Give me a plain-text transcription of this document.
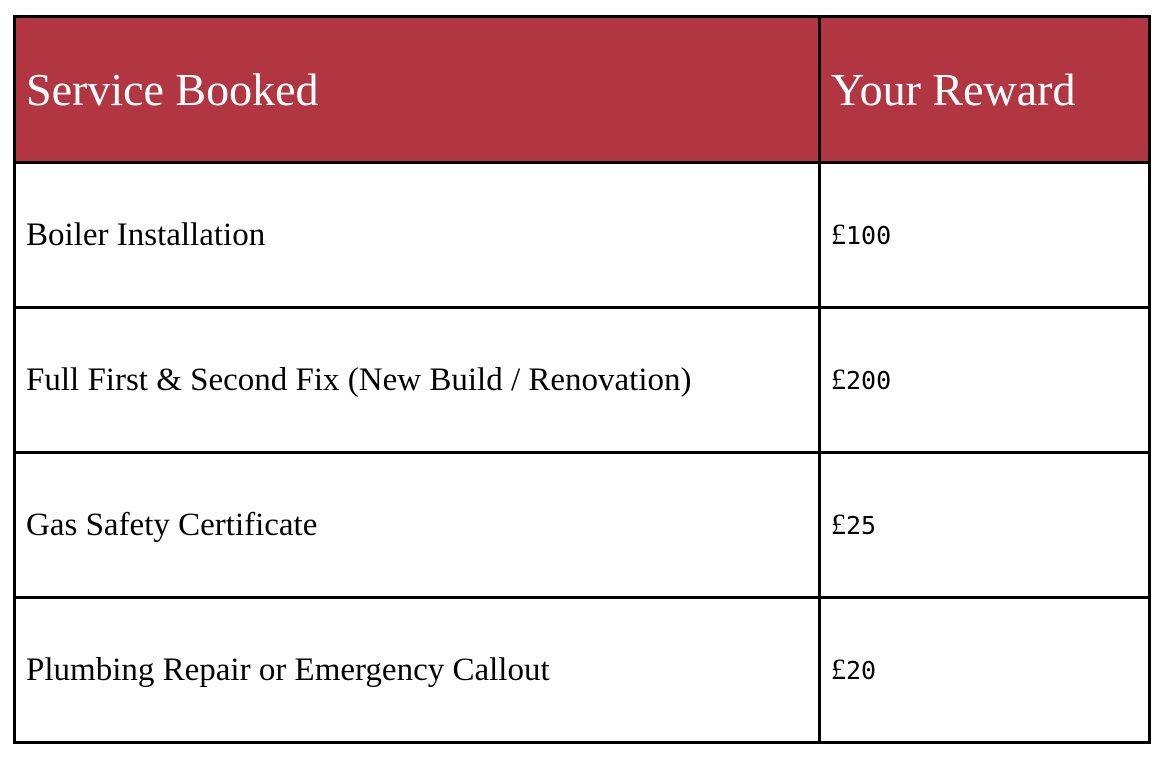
Service Booked	Your Reward
Boiler Installation	£100
Full First & Second Fix (New Build / Renovation)	£200
Gas Safety Certificate	£25
Plumbing Repair or Emergency Callout	£20
